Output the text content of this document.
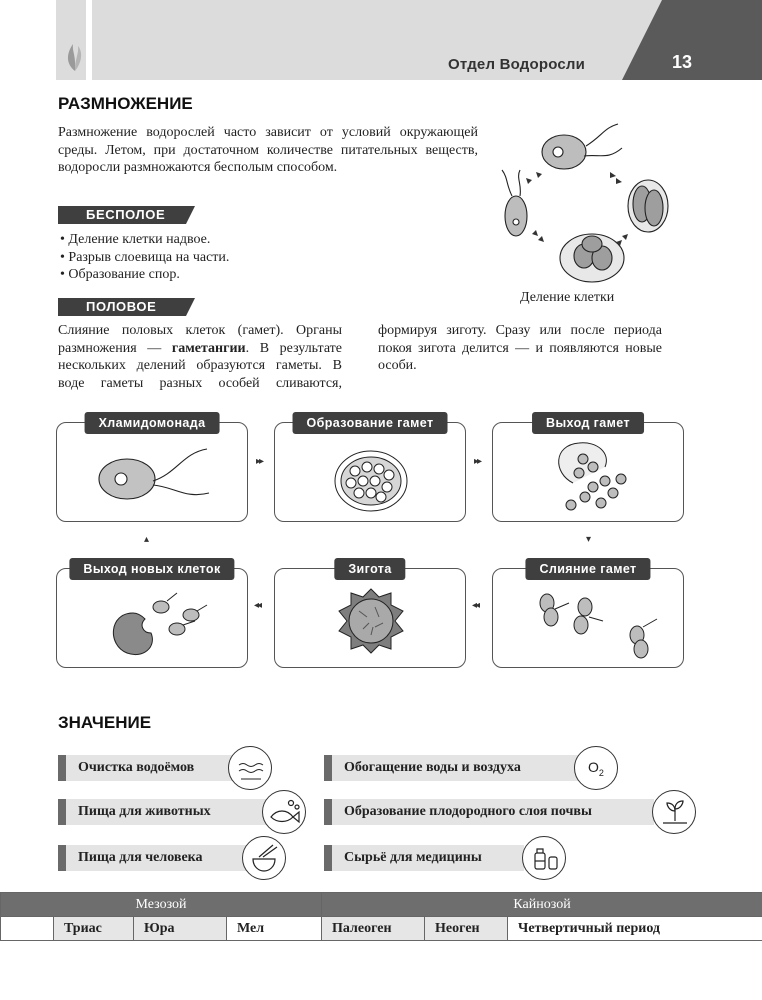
Отдел Водоросли	13
РАЗМНОЖЕНИЕ

Размножение водорослей часто зависит от условий окружающей среды. Летом, при достаточном количестве питательных веществ, водоросли размножаются бесполым способом.

БЕСПОЛОЕ
• Деление клетки надвое.
• Разрыв слоевища на части.
• Образование спор.
Деление клетки
ПОЛОВОЕ
Слияние половых клеток (гамет). Органы размножения — гаметангии. В результате нескольких делений образуются гаметы. В воде гаметы разных особей сливаются, формируя зиготу. Сразу или после периода покоя зигота делится — и появляются новые особи.
Хламидомонада
▸▸
Образование гамет
▸▸
Выход гамет
▾
Слияние гамет
◂◂
Зигота
◂◂
Выход новых клеток
▴
ЗНАЧЕНИЕ
Очистка водоёмов	Обогащение воды и воздуха	$O_2$
Пища для животных	Образование плодородного слоя почвы
Пища для человека	Сырьё для медицины
Мезозой				Кайнозой		
	Триас	Юра	Мел	Палеоген	Неоген	Четвертичный период
